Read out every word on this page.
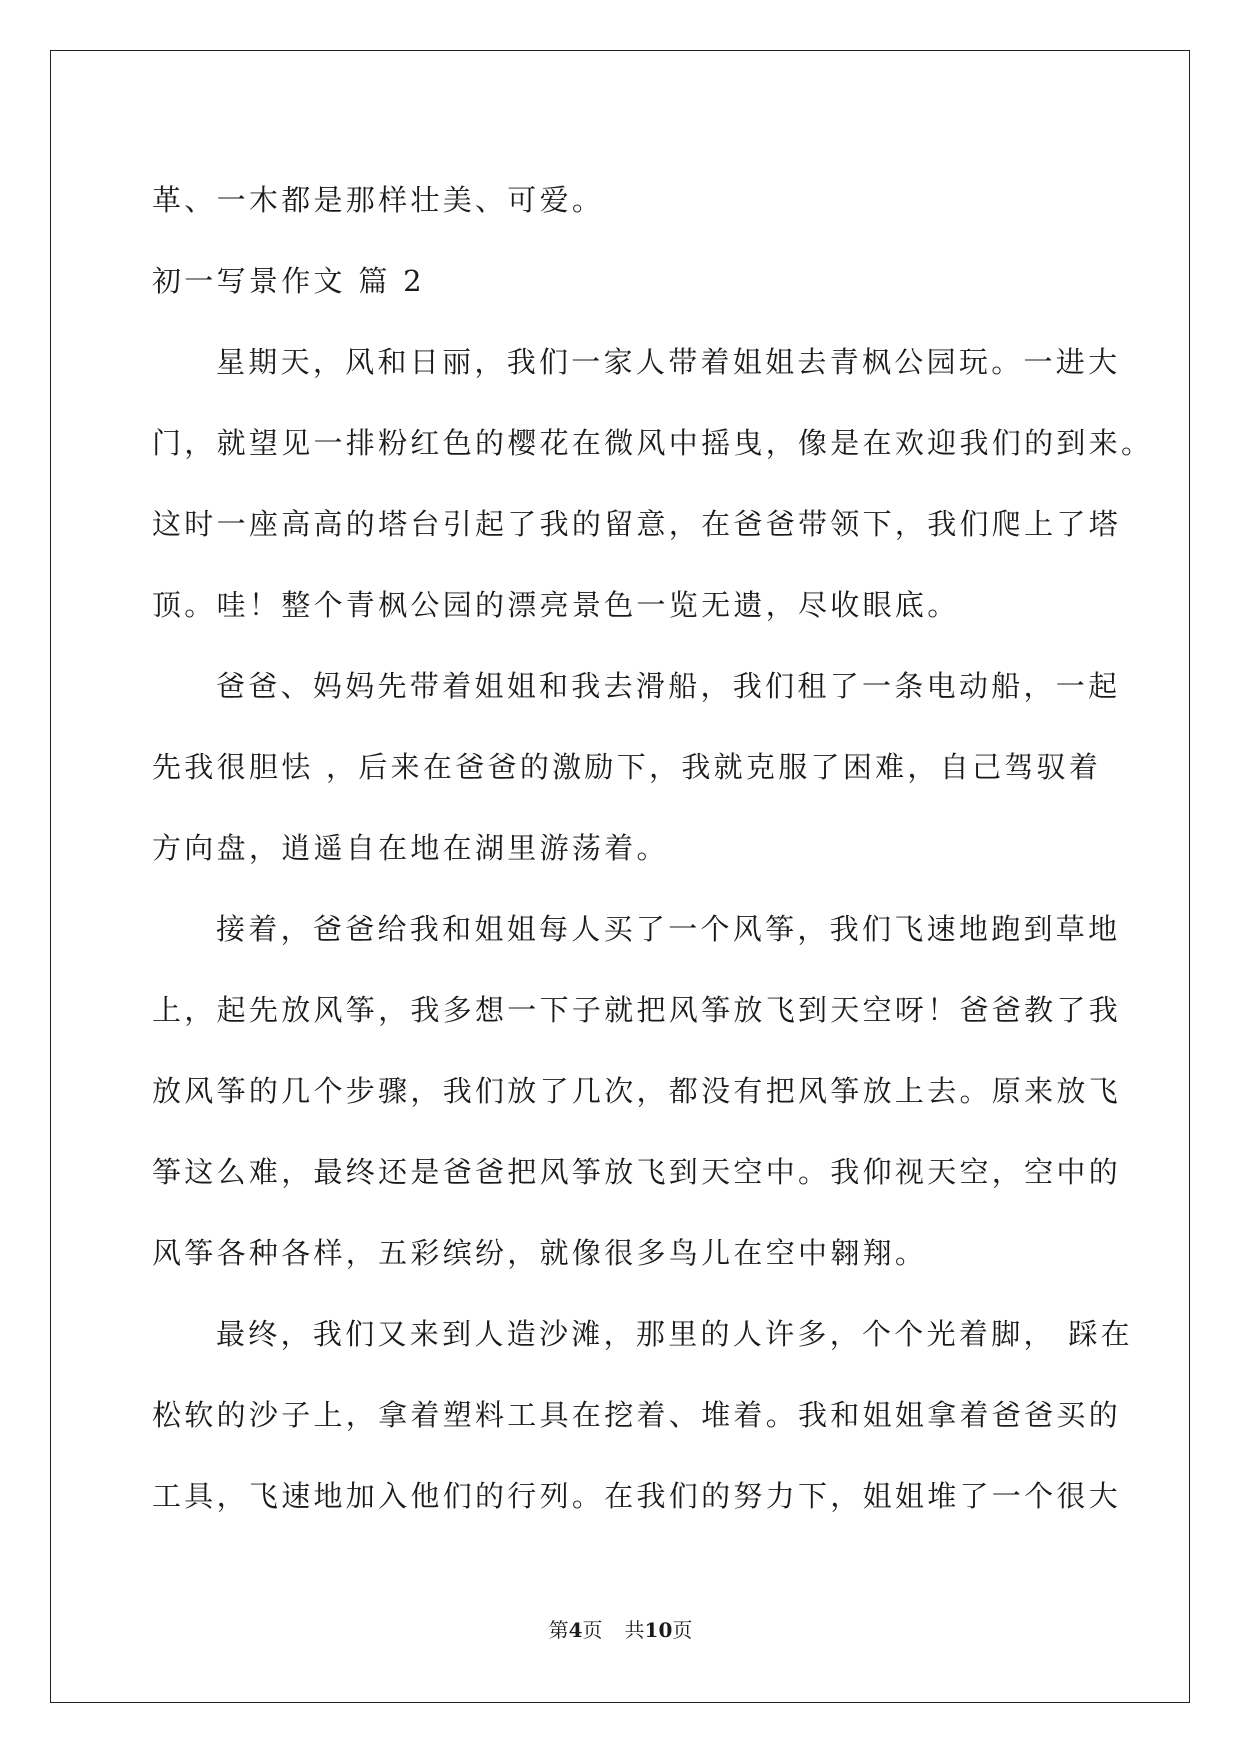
革、一木都是那样壮美、可爱。
初一写景作文 篇 2
星期天，风和日丽，我们一家人带着姐姐去青枫公园玩。一进大
门，就望见一排粉红色的樱花在微风中摇曳，像是在欢迎我们的到来。
这时一座高高的塔台引起了我的留意，在爸爸带领下，我们爬上了塔
顶。哇！整个青枫公园的漂亮景色一览无遗，尽收眼底。
爸爸、妈妈先带着姐姐和我去滑船，我们租了一条电动船，一起
先我很胆怯 ，后来在爸爸的激励下，我就克服了困难，自己驾驭着
方向盘，逍遥自在地在湖里游荡着。
接着，爸爸给我和姐姐每人买了一个风筝，我们飞速地跑到草地
上，起先放风筝，我多想一下子就把风筝放飞到天空呀！爸爸教了我
放风筝的几个步骤，我们放了几次，都没有把风筝放上去。原来放飞
筝这么难，最终还是爸爸把风筝放飞到天空中。我仰视天空，空中的
风筝各种各样，五彩缤纷，就像很多鸟儿在空中翱翔。
最终，我们又来到人造沙滩，那里的人许多，个个光着脚， 踩在
松软的沙子上，拿着塑料工具在挖着、堆着。我和姐姐拿着爸爸买的
工具，飞速地加入他们的行列。在我们的努力下，姐姐堆了一个很大
第4页 共10页
